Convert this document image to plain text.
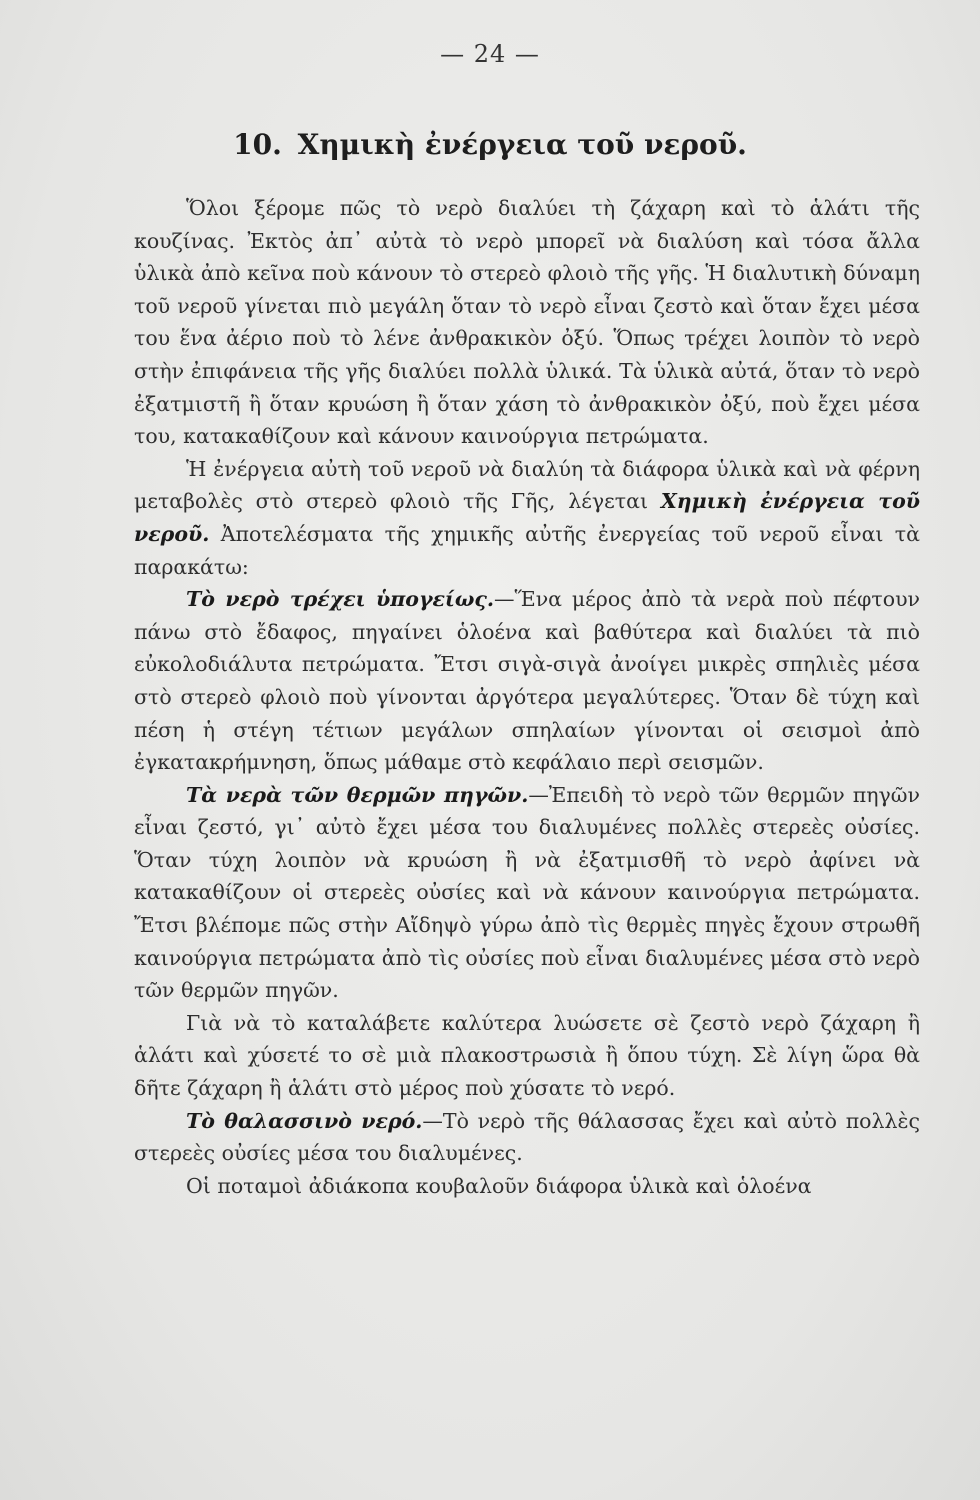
— 24 —
10. Χημικὴ ἐνέργεια τοῦ νεροῦ.

Ὅλοι ξέρομε πῶς τὸ νερὸ διαλύει τὴ ζάχαρη καὶ τὸ ἁλάτι τῆς κουζίνας. Ἐκτὸς ἀπ᾽ αὐτὰ τὸ νερὸ μπορεῖ νὰ διαλύση καὶ τόσα ἄλλα ὑλικὰ ἀπὸ κεῖνα ποὺ κάνουν τὸ στερεὸ φλοιὸ τῆς γῆς. Ἡ διαλυτικὴ δύναμη τοῦ νεροῦ γίνεται πιὸ μεγάλη ὅταν τὸ νερὸ εἶναι ζεστὸ καὶ ὅταν ἔχει μέσα του ἕνα ἀέριο ποὺ τὸ λένε ἀνθρακικὸν ὀξύ. Ὅπως τρέχει λοιπὸν τὸ νερὸ στὴν ἐπιφάνεια τῆς γῆς διαλύει πολλὰ ὑλικά. Τὰ ὑλικὰ αὐτά, ὅταν τὸ νερὸ ἐξατμιστῆ ἢ ὅταν κρυώση ἢ ὅταν χάση τὸ ἀνθρακικὸν ὀξύ, ποὺ ἔχει μέσα του, κατακαθίζουν καὶ κάνουν καινούργια πετρώματα.

Ἡ ἐνέργεια αὐτὴ τοῦ νεροῦ νὰ διαλύη τὰ διάφορα ὑλικὰ καὶ νὰ φέρνη μεταβολὲς στὸ στερεὸ φλοιὸ τῆς Γῆς, λέγεται Χημικὴ ἐνέργεια τοῦ νεροῦ. Ἀποτελέσματα τῆς χημικῆς αὐτῆς ἐνεργείας τοῦ νεροῦ εἶναι τὰ παρακάτω:

Τὸ νερὸ τρέχει ὑπογείως.—Ἕνα μέρος ἀπὸ τὰ νερὰ ποὺ πέφτουν πάνω στὸ ἔδαφος, πηγαίνει ὁλοένα καὶ βαθύτερα καὶ διαλύει τὰ πιὸ εὐκολοδιάλυτα πετρώματα. Ἔτσι σιγὰ-σιγὰ ἀνοίγει μικρὲς σπηλιὲς μέσα στὸ στερεὸ φλοιὸ ποὺ γίνονται ἀργότερα μεγαλύτερες. Ὅταν δὲ τύχη καὶ πέση ἡ στέγη τέτιων μεγάλων σπηλαίων γίνονται οἱ σεισμοὶ ἀπὸ ἐγκατακρήμνηση, ὅπως μάθαμε στὸ κεφάλαιο περὶ σεισμῶν.

Τὰ νερὰ τῶν θερμῶν πηγῶν.—Ἐπειδὴ τὸ νερὸ τῶν θερμῶν πηγῶν εἶναι ζεστό, γι᾽ αὐτὸ ἔχει μέσα του διαλυμένες πολλὲς στερεὲς οὐσίες. Ὅταν τύχη λοιπὸν νὰ κρυώση ἢ νὰ ἐξατμισθῆ τὸ νερὸ ἀφίνει νὰ κατακαθίζουν οἱ στερεὲς οὐσίες καὶ νὰ κάνουν καινούργια πετρώματα. Ἔτσι βλέπομε πῶς στὴν Αἴδηψὸ γύρω ἀπὸ τὶς θερμὲς πηγὲς ἔχουν στρωθῆ καινούργια πετρώματα ἀπὸ τὶς οὐσίες ποὺ εἶναι διαλυμένες μέσα στὸ νερὸ τῶν θερμῶν πηγῶν.

Γιὰ νὰ τὸ καταλάβετε καλύτερα λυώσετε σὲ ζεστὸ νερὸ ζάχαρη ἢ ἁλάτι καὶ χύσετέ το σὲ μιὰ πλακοστρωσιὰ ἢ ὅπου τύχη. Σὲ λίγη ὥρα θὰ δῆτε ζάχαρη ἢ ἁλάτι στὸ μέρος ποὺ χύσατε τὸ νερό.

Τὸ θαλασσινὸ νερό.—Τὸ νερὸ τῆς θάλασσας ἔχει καὶ αὐτὸ πολλὲς στερεὲς οὐσίες μέσα του διαλυμένες.

Οἱ ποταμοὶ ἀδιάκοπα κουβαλοῦν διάφορα ὑλικὰ καὶ ὁλοένα
